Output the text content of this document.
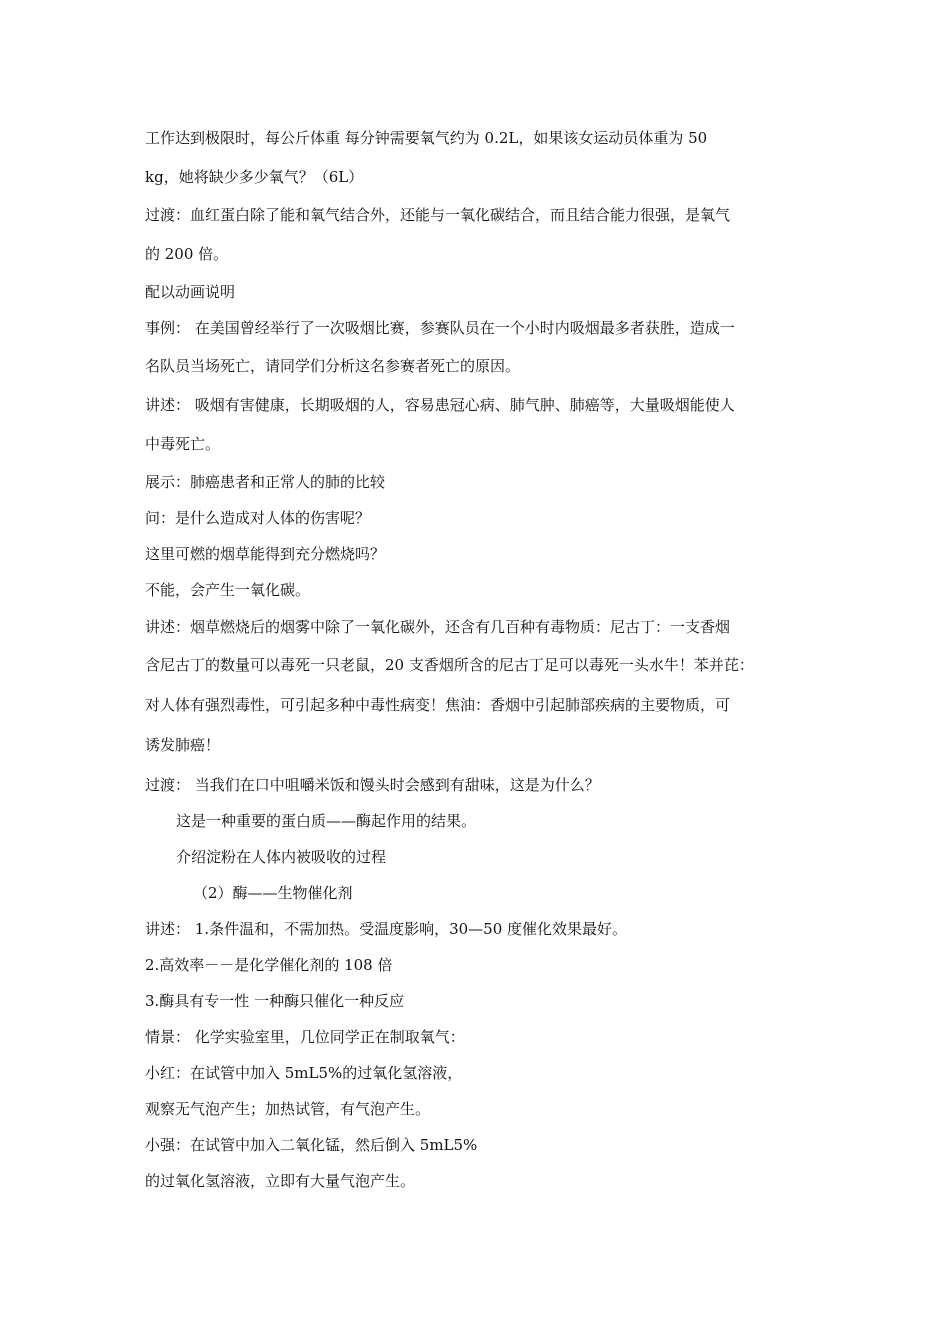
工作达到极限时，每公斤体重 每分钟需要氧气约为 0.2L，如果该女运动员体重为 50
kg，她将缺少多少氧气？（6L）
过渡：血红蛋白除了能和氧气结合外，还能与一氧化碳结合，而且结合能力很强，是氧气
的 200 倍。
配以动画说明
事例： 在美国曾经举行了一次吸烟比赛，参赛队员在一个小时内吸烟最多者获胜，造成一
名队员当场死亡，请同学们分析这名参赛者死亡的原因。
讲述： 吸烟有害健康，长期吸烟的人，容易患冠心病、肺气肿、肺癌等，大量吸烟能使人
中毒死亡。
展示：肺癌患者和正常人的肺的比较
问：是什么造成对人体的伤害呢？
这里可燃的烟草能得到充分燃烧吗？
不能，会产生一氧化碳。
讲述：烟草燃烧后的烟雾中除了一氧化碳外，还含有几百种有毒物质：尼古丁：一支香烟
含尼古丁的数量可以毒死一只老鼠，20 支香烟所含的尼古丁足可以毒死一头水牛！苯并芘：
对人体有强烈毒性，可引起多种中毒性病变！焦油：香烟中引起肺部疾病的主要物质，可
诱发肺癌！
过渡： 当我们在口中咀嚼米饭和馒头时会感到有甜味，这是为什么？
这是一种重要的蛋白质——酶起作用的结果。
介绍淀粉在人体内被吸收的过程
（2）酶——生物催化剂
讲述： 1.条件温和，不需加热。受温度影响，30—50 度催化效果最好。
2.高效率－－是化学催化剂的 108 倍
3.酶具有专一性 一种酶只催化一种反应
情景： 化学实验室里，几位同学正在制取氧气：
小红：在试管中加入 5mL5%的过氧化氢溶液，
观察无气泡产生；加热试管，有气泡产生。
小强：在试管中加入二氧化锰，然后倒入 5mL5%
的过氧化氢溶液，立即有大量气泡产生。
